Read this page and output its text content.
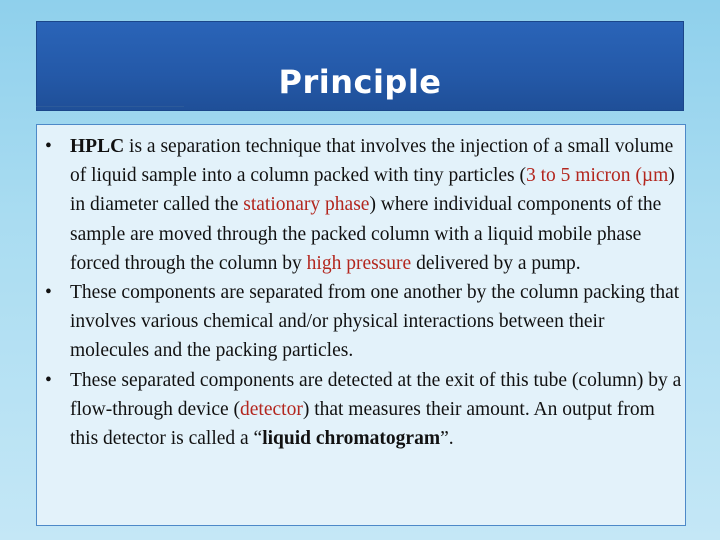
Principle
• HPLC is a separation technique that involves the injection of a small volume of liquid sample into a column packed with tiny particles (3 to 5 micron (µm) in diameter called the stationary phase) where individual components of the sample are moved through the packed column with a liquid mobile phase forced through the column by high pressure delivered by a pump.
• These components are separated from one another by the column packing that involves various chemical and/or physical interactions between their molecules and the packing particles.
• These separated components are detected at the exit of this tube (column) by a flow-through device (detector) that measures their amount. An output from this detector is called a “liquid chromatogram”.
